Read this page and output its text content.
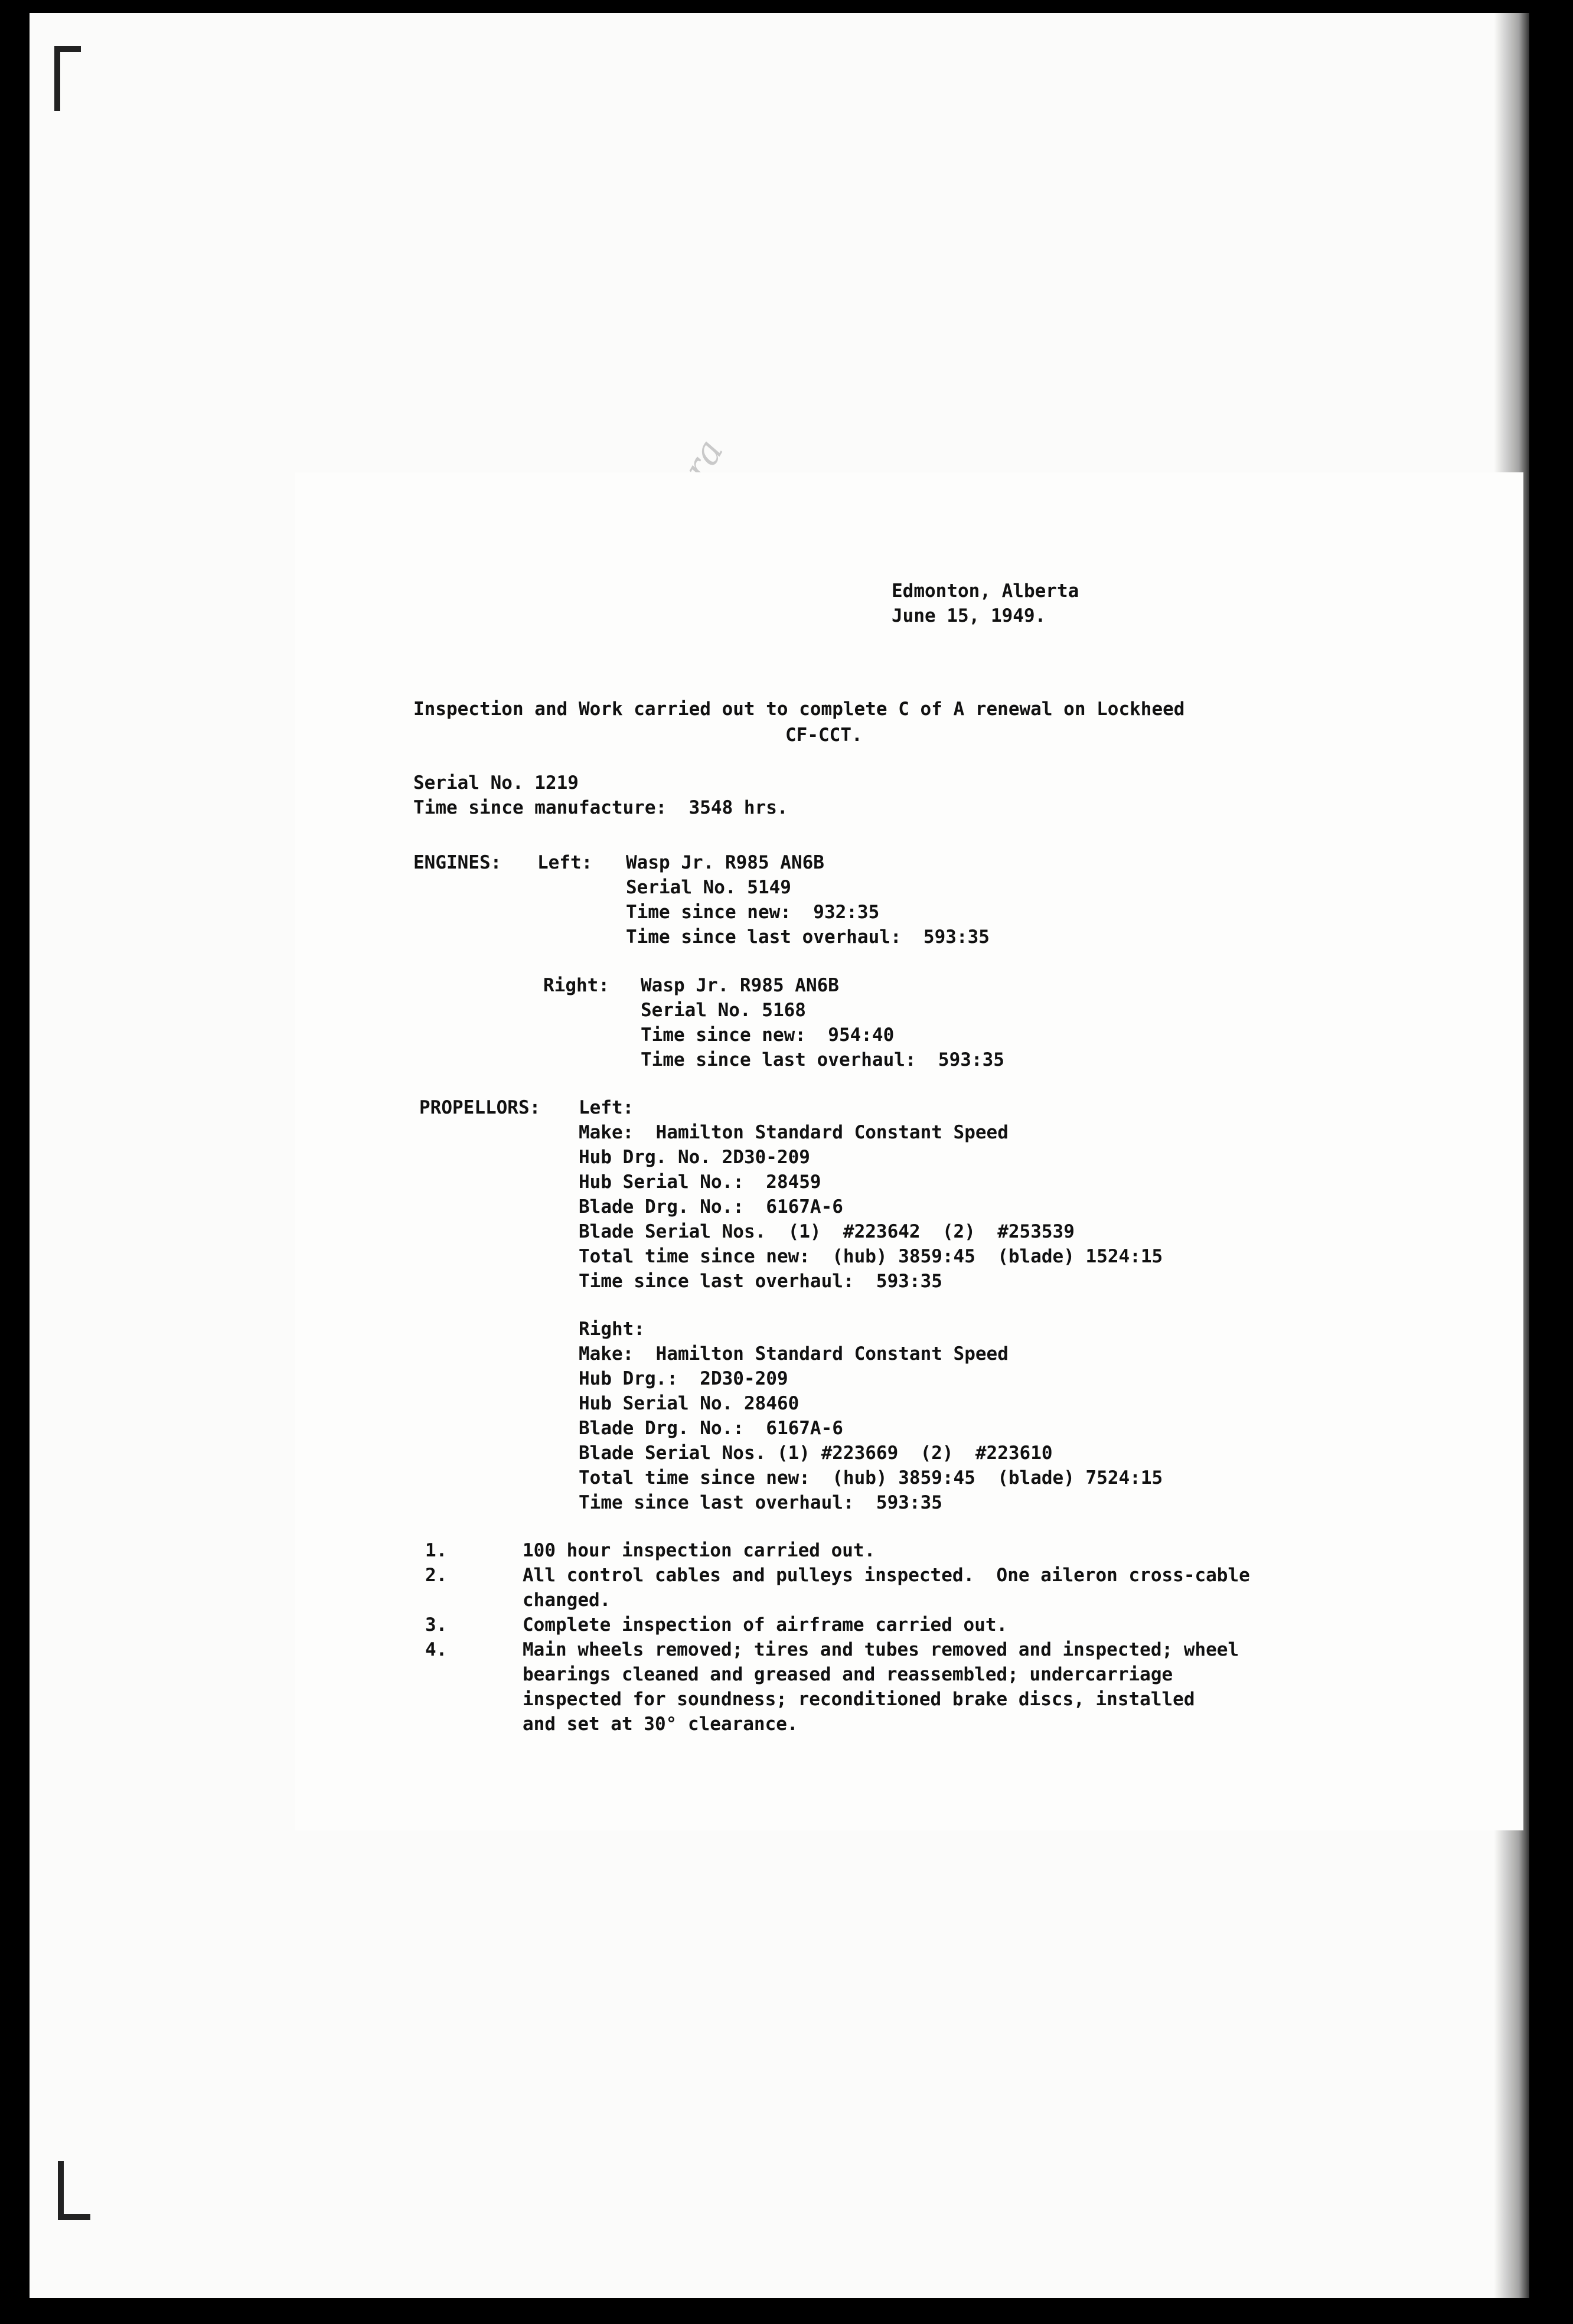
Edmonton, Alberta

June 15, 1949.

Inspection and Work carried out to complete C of A renewal on Lockheed

CF-CCT.

Serial No. 1219

Time since manufacture:  3548 hrs.

ENGINES:

Left:

Wasp Jr. R985 AN6B

Serial No. 5149

Time since new:  932:35

Time since last overhaul:  593:35

Right:

Wasp Jr. R985 AN6B

Serial No. 5168

Time since new:  954:40

Time since last overhaul:  593:35

PROPELLORS:

Left:

Make:  Hamilton Standard Constant Speed

Hub Drg. No. 2D30-209

Hub Serial No.:  28459

Blade Drg. No.:  6167A-6

Blade Serial Nos.  (1)  #223642  (2)  #253539

Total time since new:  (hub) 3859:45  (blade) 1524:15

Time since last overhaul:  593:35

Right:

Make:  Hamilton Standard Constant Speed

Hub Drg.:  2D30-209

Hub Serial No. 28460

Blade Drg. No.:  6167A-6

Blade Serial Nos. (1) #223669  (2)  #223610

Total time since new:  (hub) 3859:45  (blade) 7524:15

Time since last overhaul:  593:35

1.

	100 hour inspection carried out.

2.

	All control cables and pulleys inspected.  One aileron cross-cable

changed.

3.

	Complete inspection of airframe carried out.

4.

	Main wheels removed; tires and tubes removed and inspected; wheel

bearings cleaned and greased and reassembled; undercarriage

inspected for soundness; reconditioned brake discs, installed

and set at 30° clearance.
